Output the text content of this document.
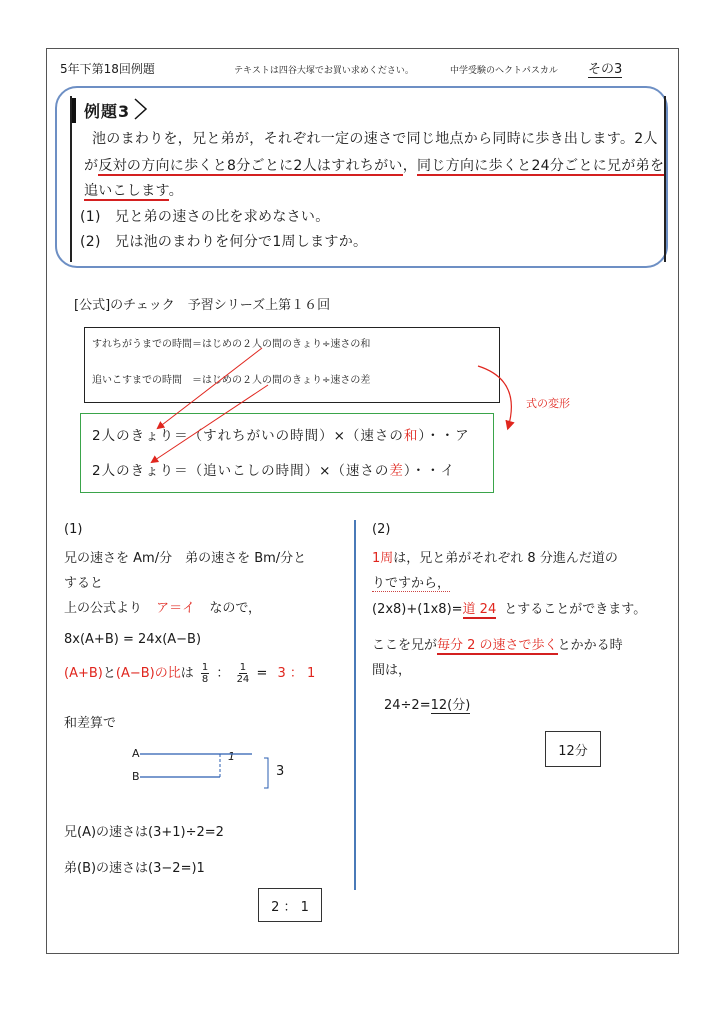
5年下第18回例題	テキストは四谷大塚でお買い求めください。	中学受験のヘクトパスカル その3
例題3
池のまわりを，兄と弟が，それぞれ一定の速さで同じ地点から同時に歩き出します。2人
が反対の方向に歩くと8分ごとに2人はすれちがい，同じ方向に歩くと24分ごとに兄が弟を
追いこします。
(1)　兄と弟の速さの比を求めなさい。
(2)　兄は池のまわりを何分で1周しますか。
[公式]のチェック　予習シリーズ上第１６回
すれちがうまでの時間＝はじめの２人の間のきょり÷速さの和
追いこすまでの時間　＝はじめの２人の間のきょり÷速さの差
式の変形
2人のきょり＝（すれちがいの時間）×（速さの和）・・ア
2人のきょり＝（追いこしの時間）×（速さの差）・・イ
(1)
兄の速さを Am/分　弟の速さを Bm/分と
すると
上の公式より ア＝イ なので，
8x(A+B) = 24x(A−B)
(A+B)と(A−B)の比は $\frac{1}{8}$ ： $\frac{1}{24} = 3$ ： 1
和差算で
A
B
1
3
兄(A)の速さは(3+1)÷2=2
弟(B)の速さは(3−2=)1
2 ： 1
(2)
1周は，兄と弟がそれぞれ 8 分進んだ道の
りですから，
(2x8)+(1x8)=道 24 とすることができます。
ここを兄が毎分 2 の速さで歩くとかかる時
間は，
24÷2=12(分)
12分
